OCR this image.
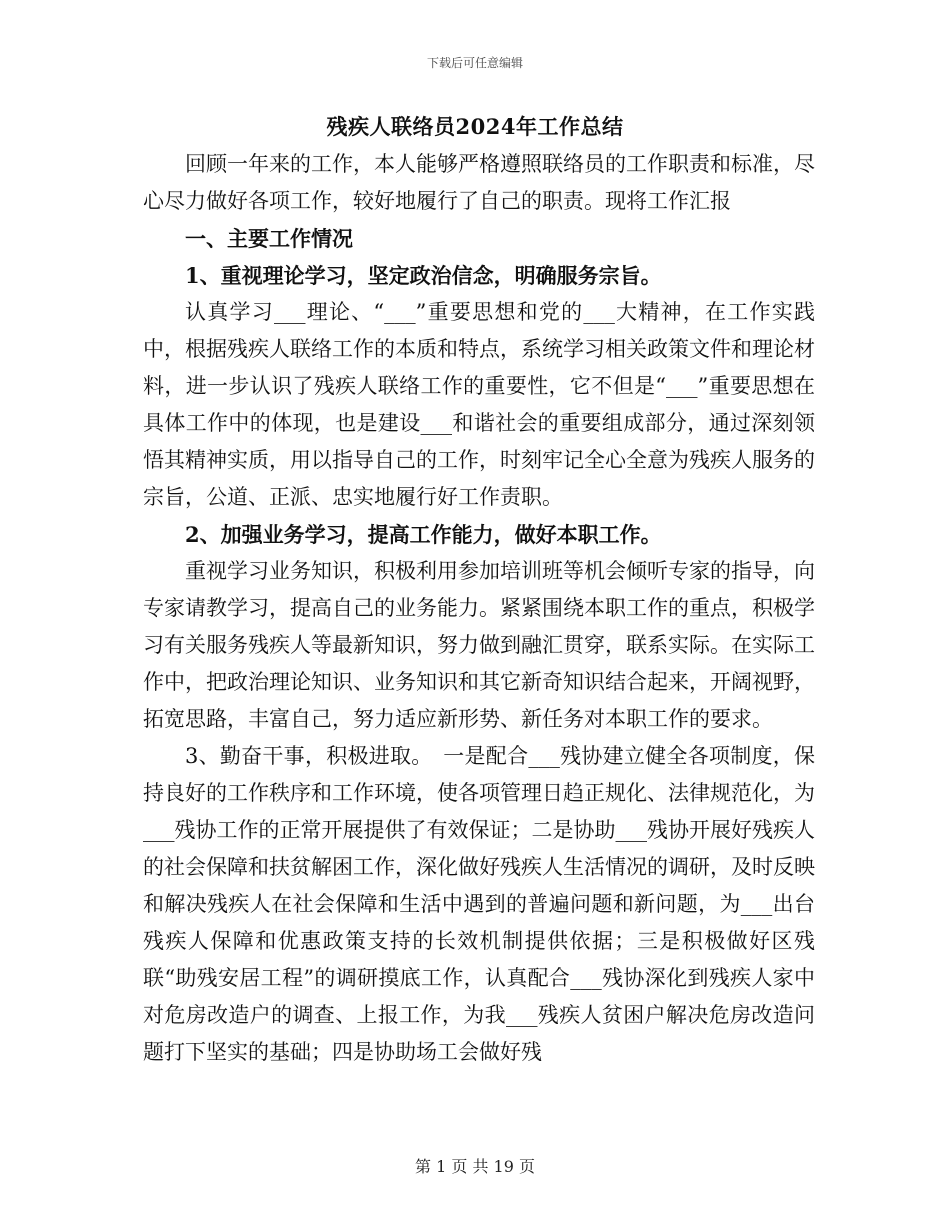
下载后可任意编辑
残疾人联络员2024年工作总结

回顾一年来的工作，本人能够严格遵照联络员的工作职责和标准，尽心尽力做好各项工作，较好地履行了自己的职责。现将工作汇报

一、主要工作情况

1、重视理论学习，坚定政治信念，明确服务宗旨。

认真学习___理论、“___”重要思想和党的___大精神，在工作实践中，根据残疾人联络工作的本质和特点，系统学习相关政策文件和理论材料，进一步认识了残疾人联络工作的重要性，它不但是“___”重要思想在具体工作中的体现，也是建设___和谐社会的重要组成部分，通过深刻领悟其精神实质，用以指导自己的工作，时刻牢记全心全意为残疾人服务的宗旨，公道、正派、忠实地履行好工作责职。

2、加强业务学习，提高工作能力，做好本职工作。

重视学习业务知识，积极利用参加培训班等机会倾听专家的指导，向专家请教学习，提高自己的业务能力。紧紧围绕本职工作的重点，积极学习有关服务残疾人等最新知识，努力做到融汇贯穿，联系实际。在实际工作中，把政治理论知识、业务知识和其它新奇知识结合起来，开阔视野，拓宽思路，丰富自己，努力适应新形势、新任务对本职工作的要求。

3、勤奋干事，积极进取。　一是配合___残协建立健全各项制度，保持良好的工作秩序和工作环境，使各项管理日趋正规化、法律规范化，为___残协工作的正常开展提供了有效保证；二是协助___残协开展好残疾人的社会保障和扶贫解困工作，深化做好残疾人生活情况的调研，及时反映和解决残疾人在社会保障和生活中遇到的普遍问题和新问题，为___出台残疾人保障和优惠政策支持的长效机制提供依据；三是积极做好区残联“助残安居工程”的调研摸底工作，认真配合___残协深化到残疾人家中对危房改造户的调查、上报工作，为我___残疾人贫困户解决危房改造问题打下坚实的基础；四是协助场工会做好残

第 1 页 共 19 页
